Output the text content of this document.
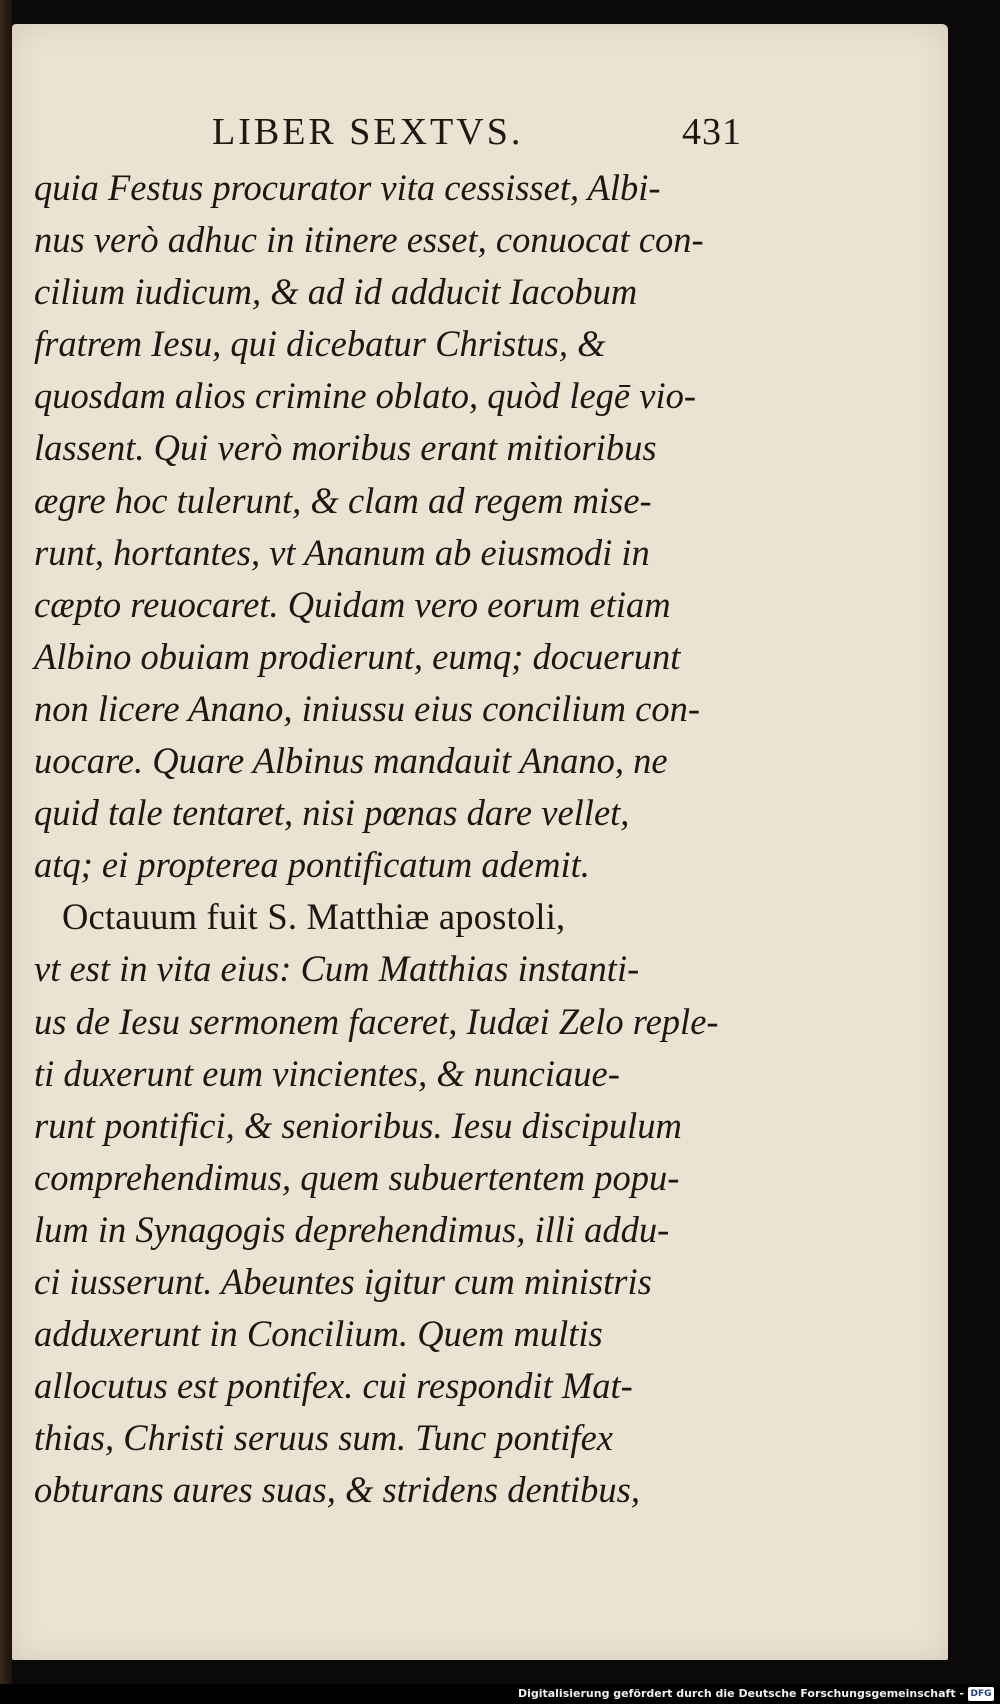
LIBER SEXTVS.	431
quia Festus procurator vita cessisset, Albi-
nus verò adhuc in itinere esset, conuocat con-
cilium iudicum, & ad id adducit Iacobum
fratrem Iesu, qui dicebatur Christus, &
quosdam alios crimine oblato, quòd legē vio-
lassent. Qui verò moribus erant mitioribus
ægre hoc tulerunt, & clam ad regem mise-
runt, hortantes, vt Ananum ab eiusmodi in
cæpto reuocaret. Quidam vero eorum etiam
Albino obuiam prodierunt, eumq; docuerunt
non licere Anano, iniussu eius concilium con-
uocare. Quare Albinus mandauit Anano, ne
quid tale tentaret, nisi pœnas dare vellet,
atq; ei propterea pontificatum ademit.
Octauum fuit S. Matthiæ apostoli,
vt est in vita eius: Cum Matthias instanti-
us de Iesu sermonem faceret, Iudæi Zelo reple-
ti duxerunt eum vincientes, & nunciaue-
runt pontifici, & senioribus. Iesu discipulum
comprehendimus, quem subuertentem popu-
lum in Synagogis deprehendimus, illi addu-
ci iusserunt. Abeuntes igitur cum ministris
adduxerunt in Concilium. Quem multis
allocutus est pontifex. cui respondit Mat-
thias, Christi seruus sum. Tunc pontifex
obturans aures suas, & stridens dentibus,
Digitalisierung gefördert durch die Deutsche Forschungsgemeinschaft - DFG
